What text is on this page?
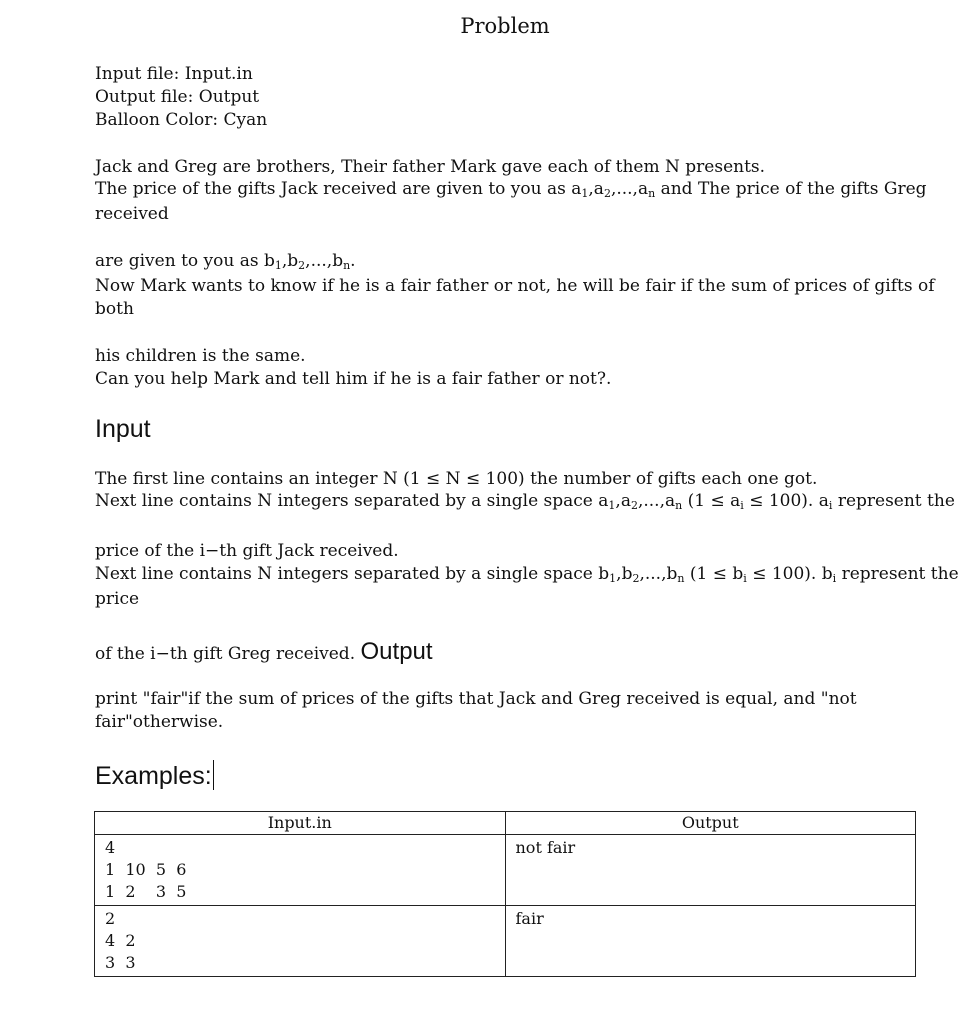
Problem
Input file: Input.in
Output file: Output
Balloon Color: Cyan
Jack and Greg are brothers, Their father Mark gave each of them N presents.
The price of the gifts Jack received are given to you as $a_1,a_2,...,a_n$ and The price of the gifts Greg
received
are given to you as $b_1,b_2,...,b_n$.
Now Mark wants to know if he is a fair father or not, he will be fair if the sum of prices of gifts of
both
his children is the same.
Can you help Mark and tell him if he is a fair father or not?.
Input
The first line contains an integer N (1 ≤ N ≤ 100) the number of gifts each one got.
Next line contains N integers separated by a single space $a_1,a_2,...,a_n$ $(1 \le a_i \le 100)$. $a_i$ represent the
price of the i−th gift Jack received.
Next line contains N integers separated by a single space $b_1,b_2,...,b_n$ $(1 \le b_i \le 100)$. $b_i$ represent the
price
of the i−th gift Greg received. Output
print "fair"if the sum of prices of the gifts that Jack and Greg received is equal, and "not
fair"otherwise.
Examples:
Input.in	Output

4
1  10  5  6
1  2    3  5	not fair

2
4  2
3  3	fair
